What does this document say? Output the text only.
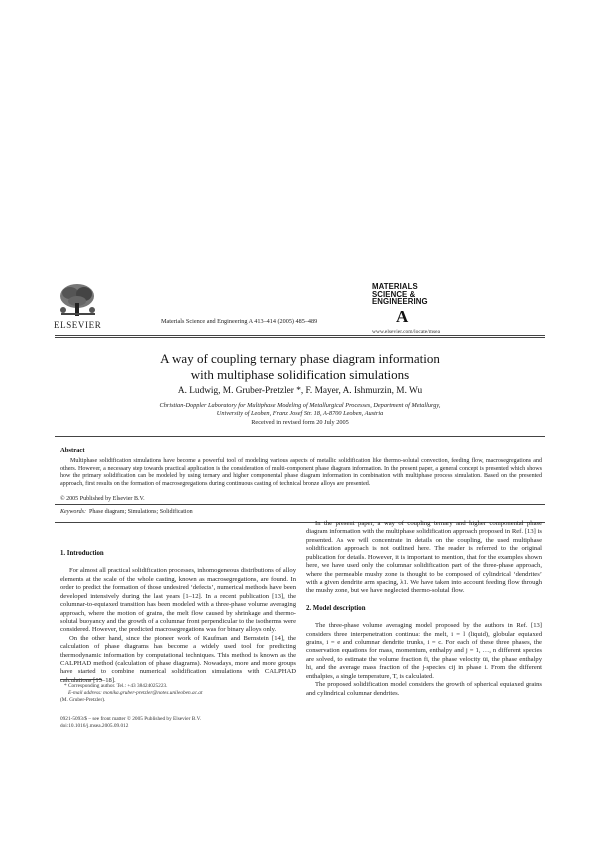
ELSEVIER	Materials Science and Engineering A 413–414 (2005) 485–489
MATERIALS
SCIENCE &
ENGINEERING
A
www.elsevier.com/locate/msea
A way of coupling ternary phase diagram information
with multiphase solidification simulations
A. Ludwig, M. Gruber-Pretzler *, F. Mayer, A. Ishmurzin, M. Wu
Christian-Doppler Laboratory for Multiphase Modeling of Metallurgical Processes, Department of Metallurgy,
University of Leoben, Franz Josef Str. 18, A-8700 Leoben, Austria
Received in revised form 20 July 2005
Abstract

Multiphase solidification simulations have become a powerful tool of modeling various aspects of metallic solidification like thermo-solutal convection, feeding flow, macrosegregations and others. However, a necessary step towards practical application is the consideration of multi-component phase diagram information. In the present paper, a general concept is presented which shows how the primary solidification can be modeled by using ternary and higher componental phase diagram information in combination with multiphase process simulation. Based on the presented approach, first results on the formation of macrosegregations during continuous casting of technical bronze alloys are presented.

© 2005 Published by Elsevier B.V.
Keywords: Phase diagram; Simulations; Solidification
1. Introduction

For almost all practical solidification processes, inhomogeneous distributions of alloy elements at the scale of the whole casting, known as macrosegregations, are found. In order to predict the formation of those undesired ‘defects’, numerical methods have been developed intensively during the last years [1–12]. In a recent publication [13], the columnar-to-equiaxed transition has been modeled with a three-phase volume averaging approach, where the motion of grains, the melt flow caused by shrinkage and thermo-solutal buoyancy and the growth of a columnar front perpendicular to the isotherms were considered. However, the predicted macrosegregations was for binary alloys only.

On the other hand, since the pioneer work of Kaufman and Bernstein [14], the calculation of phase diagrams has become a widely used tool for predicting thermodynamic information by computational techniques. This method is known as the CALPHAD method (calculation of phase diagrams). Nowadays, more and more groups have started to combine numerical solidification simulations with CALPHAD calculations [15–18].

In the present paper, a way of coupling ternary and higher componental phase diagram information with the multiphase solidification approach proposed in Ref. [13] is presented. As we will concentrate in details on the coupling, the used multiphase solidification approach is not outlined here. The reader is referred to the original publication for details. However, it is important to mention, that for the examples shown here, we have used only the columnar solidification part of the three-phase approach, where the permeable mushy zone is thought to be composed of cylindrical ‘dendrites’ with a given dendrite arm spacing, λ1. We have taken into account feeding flow through the mushy zone, but we have neglected thermo-solutal flow.

2. Model description

The three-phase volume averaging model proposed by the authors in Ref. [13] considers three interpenetration continua: the melt, i = l (liquid), globular equiaxed grains, i = e and columnar dendrite trunks, i = c. For each of these three phases, the conservation equations for mass, momentum, enthalpy and j = 1, …, n different species are solved, to estimate the volume fraction fi, the phase velocity ūi, the phase enthalpy hi, and the average mass fraction of the j-species cij in phase i. From the different enthalpies, a single temperature, T, is calculated.

The proposed solidification model considers the growth of spherical equiaxed grains and cylindrical columnar dendrites.

* Corresponding author. Tel.: +43 38424025223.

E-mail address: monika.gruber-pretzler@notes.unileoben.ac.at

(M. Gruber-Pretzler).

0921-5093/$ – see front matter © 2005 Published by Elsevier B.V.

doi:10.1016/j.msea.2005.09.012
